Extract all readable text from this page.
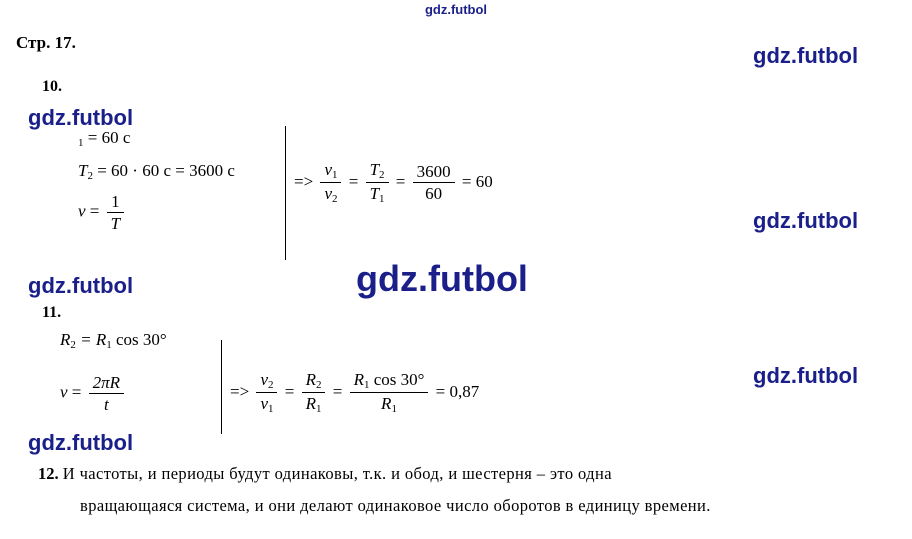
gdz.futbol
Стр. 17.
gdz.futbol
10.
gdz.futbol
$_1$ = 60 с
$T_2 = 60 \cdot 60$ с = 3600 с
$\nu = \frac{1}{T}$
=> $\frac{\nu_1}{\nu_2} = \frac{T_2}{T_1} = \frac{3600}{60} = 60$
gdz.futbol
gdz.futbol	gdz.futbol
11.
$R_2 = R_1$ cos 30°
$\nu = \frac{2\pi R}{t}$	=> $\frac{\nu_2}{\nu_1} = \frac{R_2}{R_1} = \frac{R_1 \cos 30^\circ}{R_1} = 0,87$
gdz.futbol
gdz.futbol
12. И частоты, и периоды будут одинаковы, т.к. и обод, и шестерня – это одна
вращающаяся система, и они делают одинаковое число оборотов в единицу времени.
